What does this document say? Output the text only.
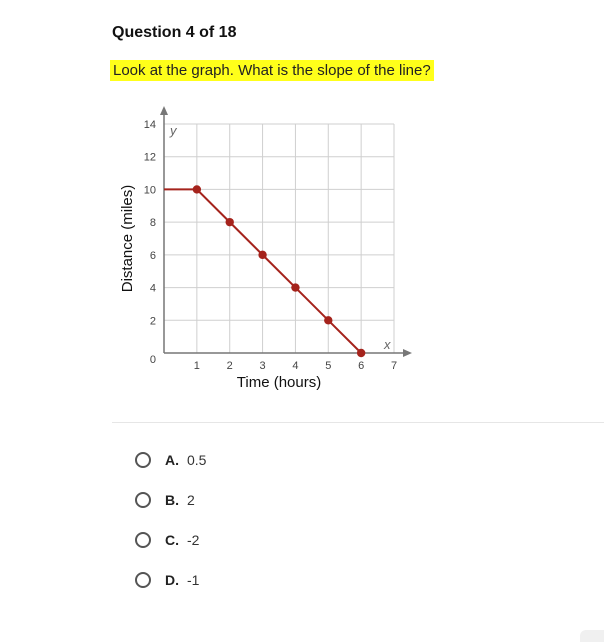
Question 4 of 18
Look at the graph. What is the slope of the line?
1 2 3 4 5 6 7
2
4
6
8
10
12
14
0
y
x
Time (hours)
Distance (miles)
A. 0.5
B. 2
C. -2
D. -1
